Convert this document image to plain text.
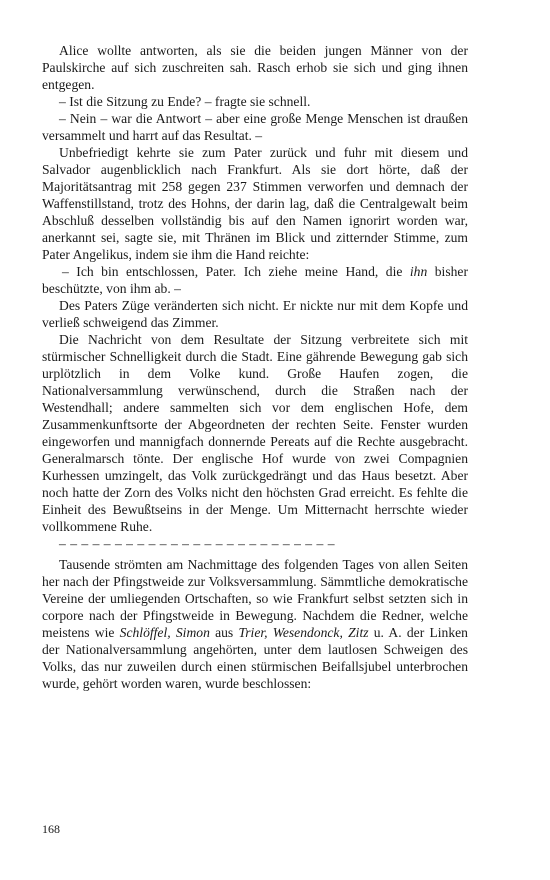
Alice wollte antworten, als sie die beiden jungen Männer von der Paulskirche auf sich zuschreiten sah. Rasch erhob sie sich und ging ihnen entgegen.

– Ist die Sitzung zu Ende? – fragte sie schnell.

– Nein – war die Antwort – aber eine große Menge Menschen ist draußen versammelt und harrt auf das Resultat. –

Unbefriedigt kehrte sie zum Pater zurück und fuhr mit diesem und Salvador augenblicklich nach Frankfurt. Als sie dort hörte, daß der Majoritätsantrag mit 258 gegen 237 Stimmen verworfen und demnach der Waffenstillstand, trotz des Hohns, der darin lag, daß die Centralgewalt beim Abschluß desselben vollständig bis auf den Namen ignorirt worden war, anerkannt sei, sagte sie, mit Thränen im Blick und zitternder Stimme, zum Pater Angelikus, indem sie ihm die Hand reichte:

– Ich bin entschlossen, Pater. Ich ziehe meine Hand, die ihn bisher beschützte, von ihm ab. –

Des Paters Züge veränderten sich nicht. Er nickte nur mit dem Kopfe und verließ schweigend das Zimmer.

Die Nachricht von dem Resultate der Sitzung verbreitete sich mit stürmischer Schnelligkeit durch die Stadt. Eine gährende Bewegung gab sich urplötzlich in dem Volke kund. Große Haufen zogen, die Nationalversammlung verwünschend, durch die Straßen nach der Westendhall; andere sammelten sich vor dem englischen Hofe, dem Zusammenkunftsorte der Abgeordneten der rechten Seite. Fenster wurden eingeworfen und mannigfach donnernde Pereats auf die Rechte ausgebracht. Generalmarsch tönte. Der englische Hof wurde von zwei Compagnien Kurhessen umzingelt, das Volk zurückgedrängt und das Haus besetzt. Aber noch hatte der Zorn des Volks nicht den höchsten Grad erreicht. Es fehlte die Einheit des Bewußtseins in der Menge. Um Mitternacht herrschte wieder vollkommene Ruhe.

– – – – – – – – – – – – – – – – – – – – – – – – –

Tausende strömten am Nachmittage des folgenden Tages von allen Seiten her nach der Pfingstweide zur Volksversammlung. Sämmtliche demokratische Vereine der umliegenden Ortschaften, so wie Frankfurt selbst setzten sich in corpore nach der Pfingstweide in Bewegung. Nachdem die Redner, welche meistens wie Schlöffel, Simon aus Trier, Wesendonck, Zitz u. A. der Linken der Nationalversammlung angehörten, unter dem lautlosen Schweigen des Volks, das nur zuweilen durch einen stürmischen Beifallsjubel unterbrochen wurde, gehört worden waren, wurde beschlossen:

168
